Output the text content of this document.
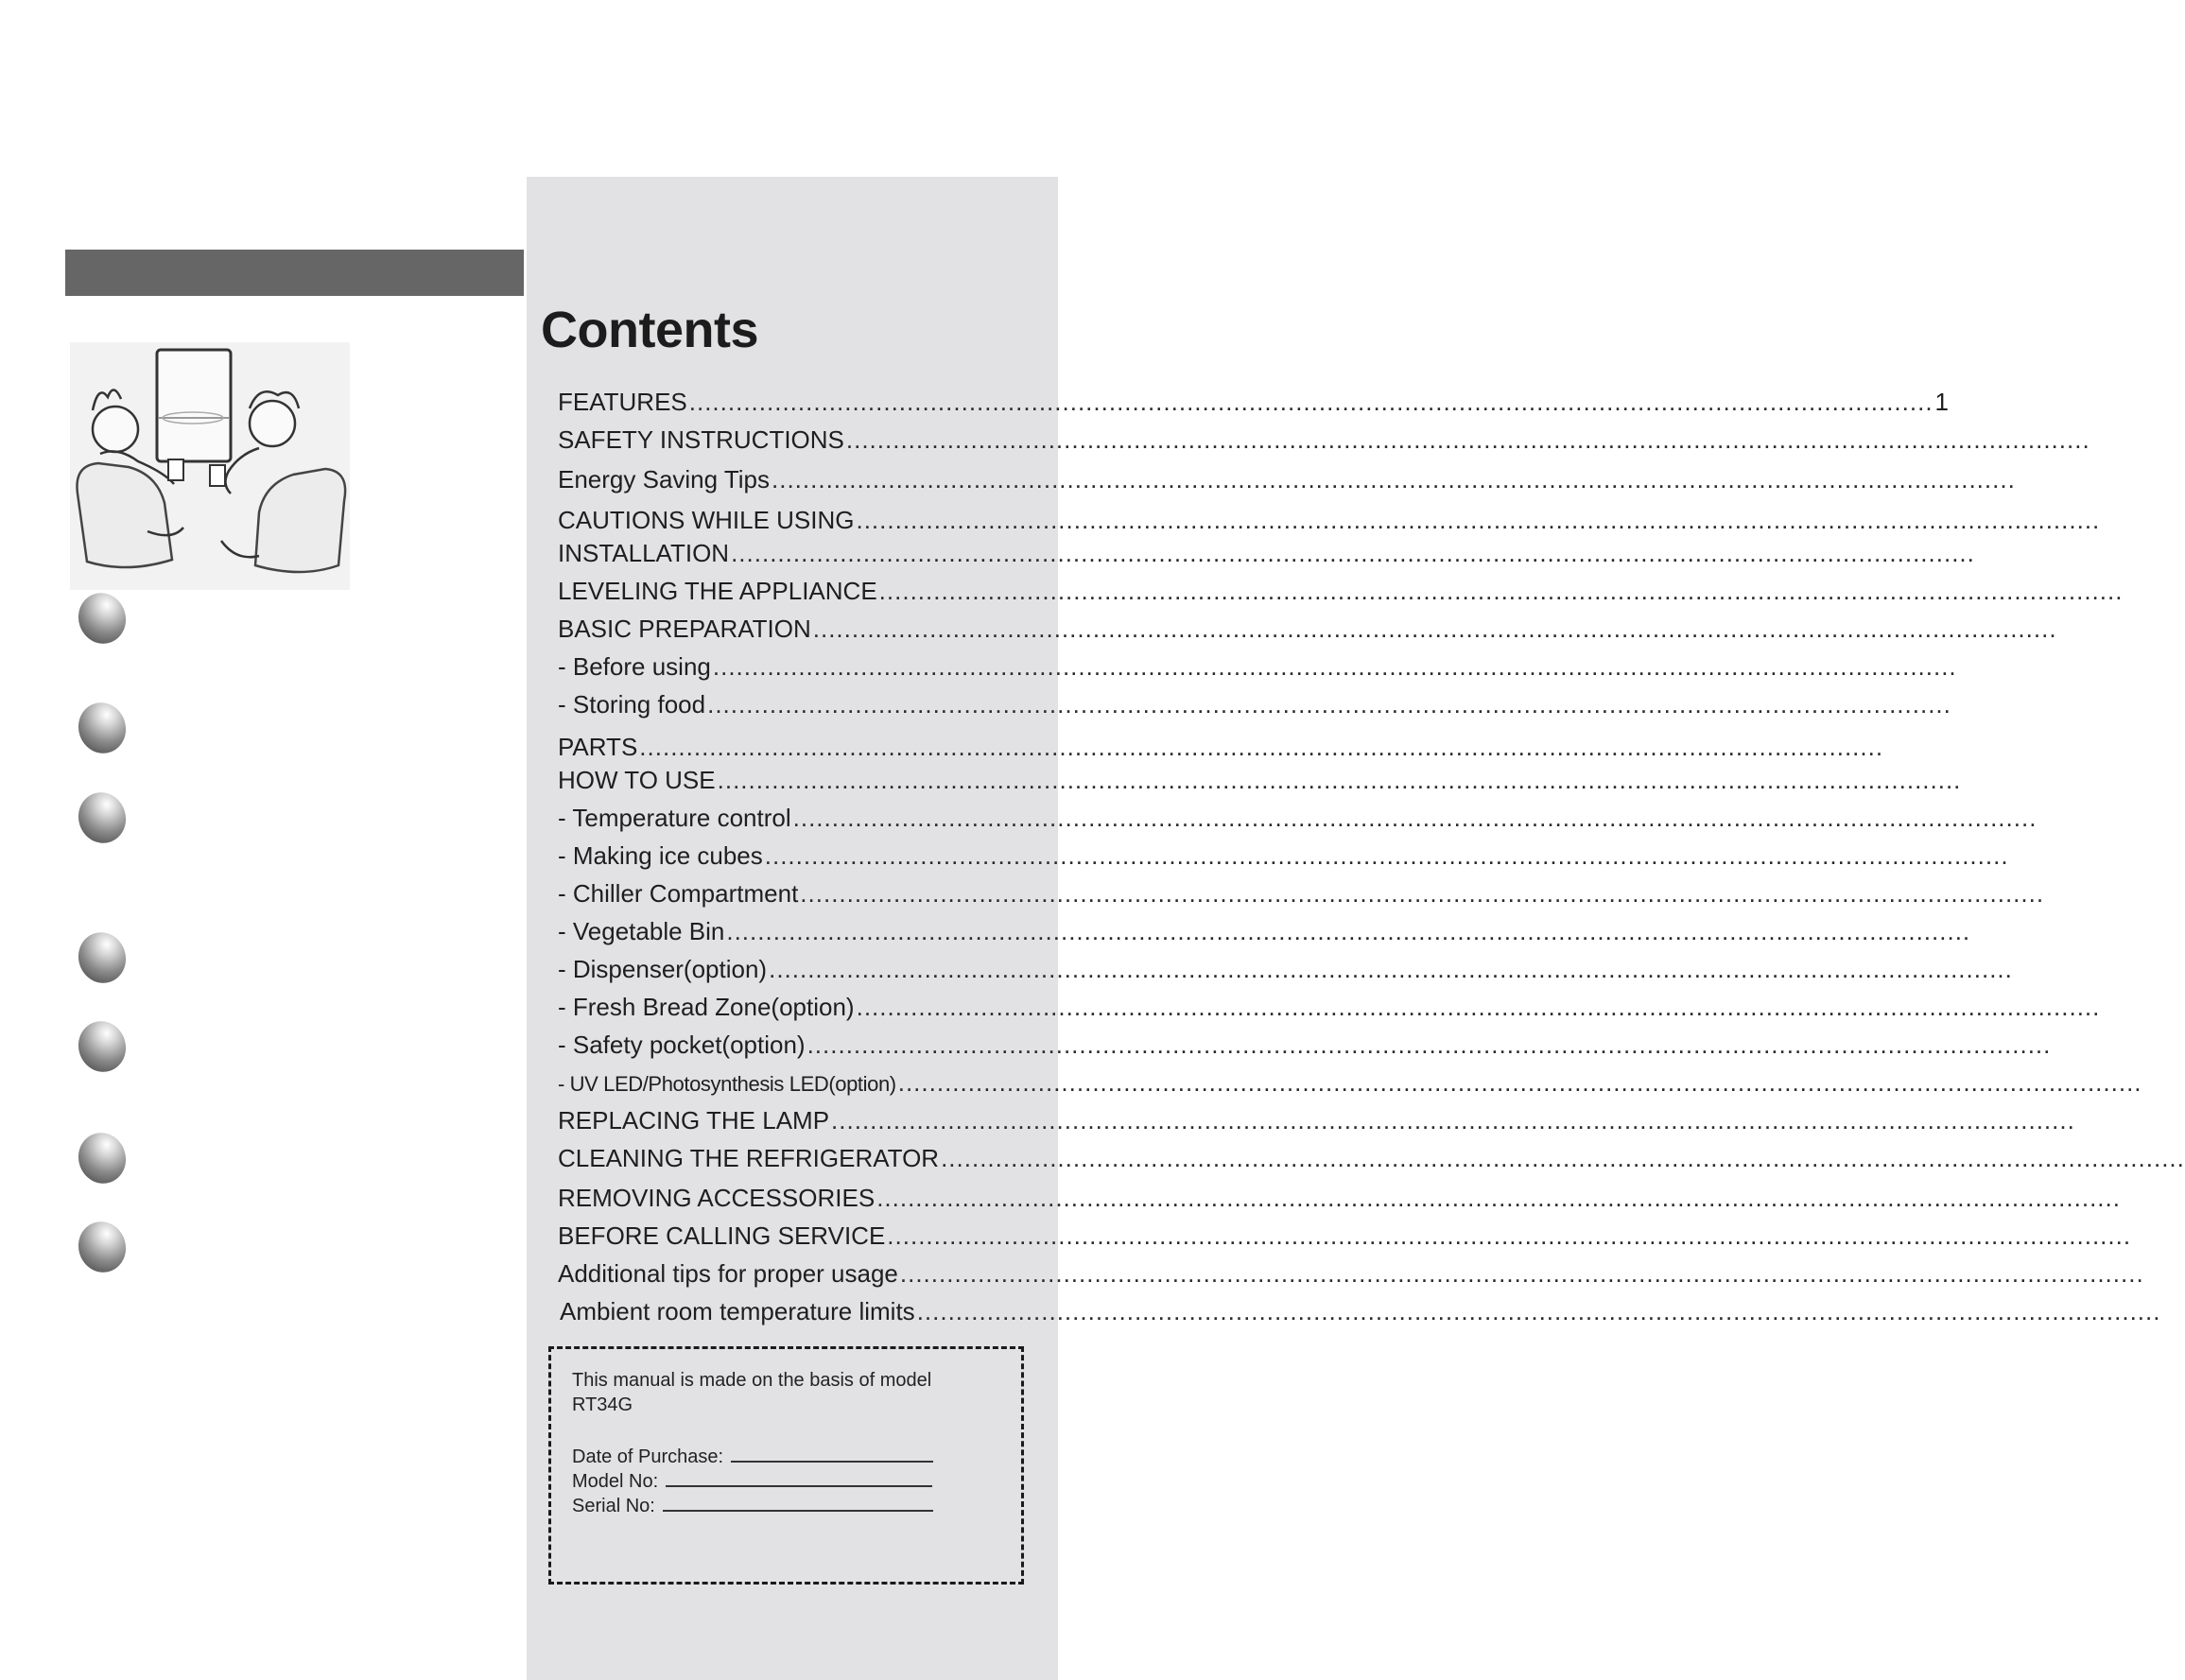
Contents
FEATURES ................................................................................................................................................................ 1
SAFETY INSTRUCTIONS ................................................................................................................................................................
Energy Saving Tips ................................................................................................................................................................
CAUTIONS WHILE USING ................................................................................................................................................................
INSTALLATION ................................................................................................................................................................
LEVELING THE APPLIANCE ................................................................................................................................................................
BASIC PREPARATION ................................................................................................................................................................
- Before using ................................................................................................................................................................
- Storing food ................................................................................................................................................................
PARTS ................................................................................................................................................................
HOW TO USE ................................................................................................................................................................
- Temperature control ................................................................................................................................................................
- Making ice cubes ................................................................................................................................................................
- Chiller Compartment ................................................................................................................................................................
- Vegetable Bin ................................................................................................................................................................
- Dispenser(option) ................................................................................................................................................................
- Fresh Bread Zone(option) ................................................................................................................................................................
- Safety pocket(option) ................................................................................................................................................................
- UV LED/Photosynthesis LED(option) ................................................................................................................................................................
REPLACING THE LAMP ................................................................................................................................................................
CLEANING THE REFRIGERATOR ................................................................................................................................................................
REMOVING ACCESSORIES ................................................................................................................................................................
BEFORE CALLING SERVICE ................................................................................................................................................................
Additional tips for proper usage ................................................................................................................................................................
Ambient room temperature limits ................................................................................................................................................................
This manual is made on the basis of model
RT34G
Date of Purchase:
Model No:
Serial No:
